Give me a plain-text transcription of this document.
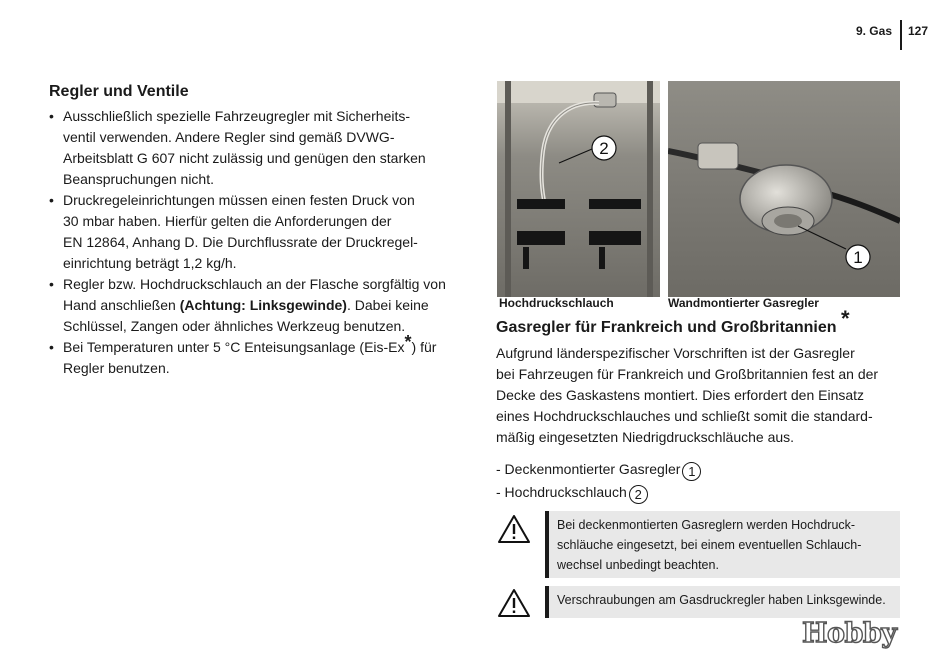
9. Gas 127
Regler und Ventile
• Ausschließlich spezielle Fahrzeugregler mit Sicherheits-
ventil verwenden. Andere Regler sind gemäß DVWG-
Arbeitsblatt G 607 nicht zulässig und genügen den starken
Beanspruchungen nicht.
• Druckregeleinrichtungen müssen einen festen Druck von
30 mbar haben. Hierfür gelten die Anforderungen der
EN 12864, Anhang D. Die Durchflussrate der Druckregel-
einrichtung beträgt 1,2 kg/h.
• Regler bzw. Hochdruckschlauch an der Flasche sorgfältig von
Hand anschließen (Achtung: Linksgewinde). Dabei keine
Schlüssel, Zangen oder ähnliches Werkzeug benutzen.
• Bei Temperaturen unter 5 °C Enteisungsanlage (Eis-Ex*) für
Regler benutzen.
2
Hochdruckschlauch
1
Wandmontierter Gasregler
Gasregler für Frankreich und Großbritannien *
Aufgrund länderspezifischer Vorschriften ist der Gasregler
bei Fahrzeugen für Frankreich und Großbritannien fest an der
Decke des Gaskastens montiert. Dies erfordert den Einsatz
eines Hochdruckschlauches und schließt somit die standard-
mäßig eingesetzten Niedrigdruckschläuche aus.
- Deckenmontierter Gasregler 1
- Hochdruckschlauch 2
Bei deckenmontierten Gasreglern werden Hochdruck-
schläuche eingesetzt, bei einem eventuellen Schlauch-
wechsel unbedingt beachten.
Verschraubungen am Gasdruckregler haben Linksgewinde.
Hobby
